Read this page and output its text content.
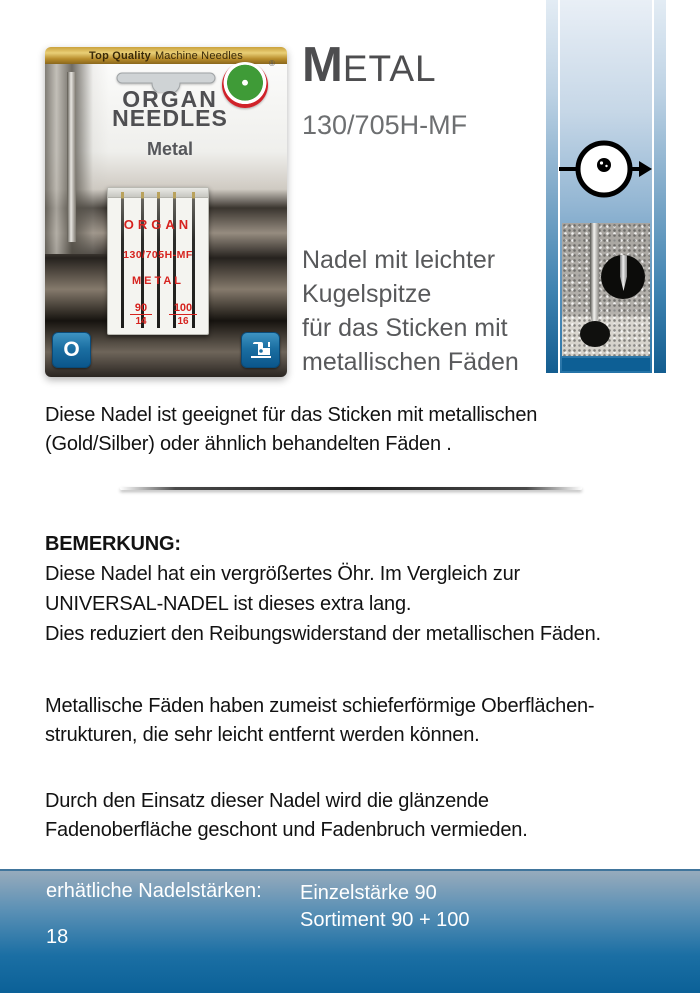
Top Quality Machine Needles
ORGAN
NEEDLES
Metal
®
ORGAN
130/705H-MF
METAL
90
14
100
16
O
METAL
130/705H-MF
Nadel mit leichter
Kugelspitze
für das Sticken mit
metallischen Fäden
Diese Nadel ist geeignet für das Sticken mit metallischen
(Gold/Silber) oder ähnlich behandelten Fäden .
BEMERKUNG:
Diese Nadel hat ein vergrößertes Öhr. Im Vergleich zur
UNIVERSAL-NADEL ist dieses extra lang.
Dies reduziert den Reibungswiderstand der metallischen Fäden.
Metallische Fäden haben zumeist schieferförmige Oberflächen-
strukturen, die sehr leicht entfernt werden können.
Durch den Einsatz dieser Nadel wird die glänzende
Fadenoberfläche geschont und Fadenbruch vermieden.
erhätliche Nadelstärken: Einzelstärke 90
Sortiment 90 + 100
18
